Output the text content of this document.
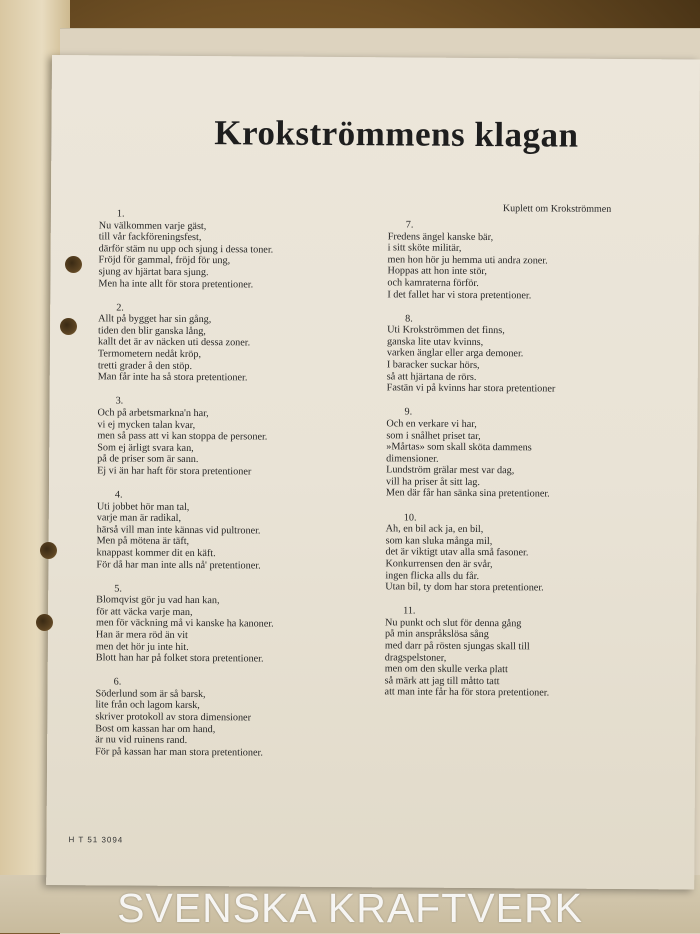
Krokströmmens klagan
Kuplett om Krokströmmen
1.
Nu välkommen varje gäst,
till vår fackföreningsfest,
därför stäm nu upp och sjung i dessa toner.
Fröjd för gammal, fröjd för ung,
sjung av hjärtat bara sjung.
Men ha inte allt för stora pretentioner.
2.
Allt på bygget har sin gång,
tiden den blir ganska lång,
kallt det är av näcken uti dessa zoner.
Termometern nedåt kröp,
tretti grader å den stöp.
Man får inte ha så stora pretentioner.
3.
Och på arbetsmarkna'n har,
vi ej mycken talan kvar,
men så pass att vi kan stoppa de personer.
Som ej ärligt svara kan,
på de priser som är sann.
Ej vi än har haft för stora pretentioner
4.
Uti jobbet hör man tal,
varje man är radikal,
härså vill man inte kännas vid pultroner.
Men på mötena är täft,
knappast kommer dit en käft.
För då har man inte alls nå' pretentioner.
5.
Blomqvist gör ju vad han kan,
för att väcka varje man,
men för väckning må vi kanske ha kanoner.
Han är mera röd än vit
men det hör ju inte hit.
Blott han har på folket stora pretentioner.
6.
Söderlund som är så barsk,
lite från och lagom karsk,
skriver protokoll av stora dimensioner
Bost om kassan har om hand,
är nu vid ruinens rand.
För på kassan har man stora pretentioner.
7.
Fredens ängel kanske bär,
i sitt sköte militär,
men hon hör ju hemma uti andra zoner.
Hoppas att hon inte stör,
och kamraterna förför.
I det fallet har vi stora pretentioner.
8.
Uti Krokströmmen det finns,
ganska lite utav kvinns,
varken änglar eller arga demoner.
I baracker suckar hörs,
så att hjärtana de rörs.
Fastän vi på kvinns har stora pretentioner
9.
Och en verkare vi har,
som i snålhet priset tar,
»Mårtas» som skall sköta dammens
dimensioner.
Lundström grälar mest var dag,
vill ha priser åt sitt lag.
Men där får han sänka sina pretentioner.
10.
Ah, en bil ack ja, en bil,
som kan sluka många mil,
det är viktigt utav alla små fasoner.
Konkurrensen den är svår,
ingen flicka alls du får.
Utan bil, ty dom har stora pretentioner.
11.
Nu punkt och slut för denna gång
på min anspråkslösa sång
med darr på rösten sjungas skall till
dragspelstoner,
men om den skulle verka platt
så märk att jag till måtto tatt
att man inte får ha för stora pretentioner.
H T 51 3094
SVENSKA KRAFTVERK
